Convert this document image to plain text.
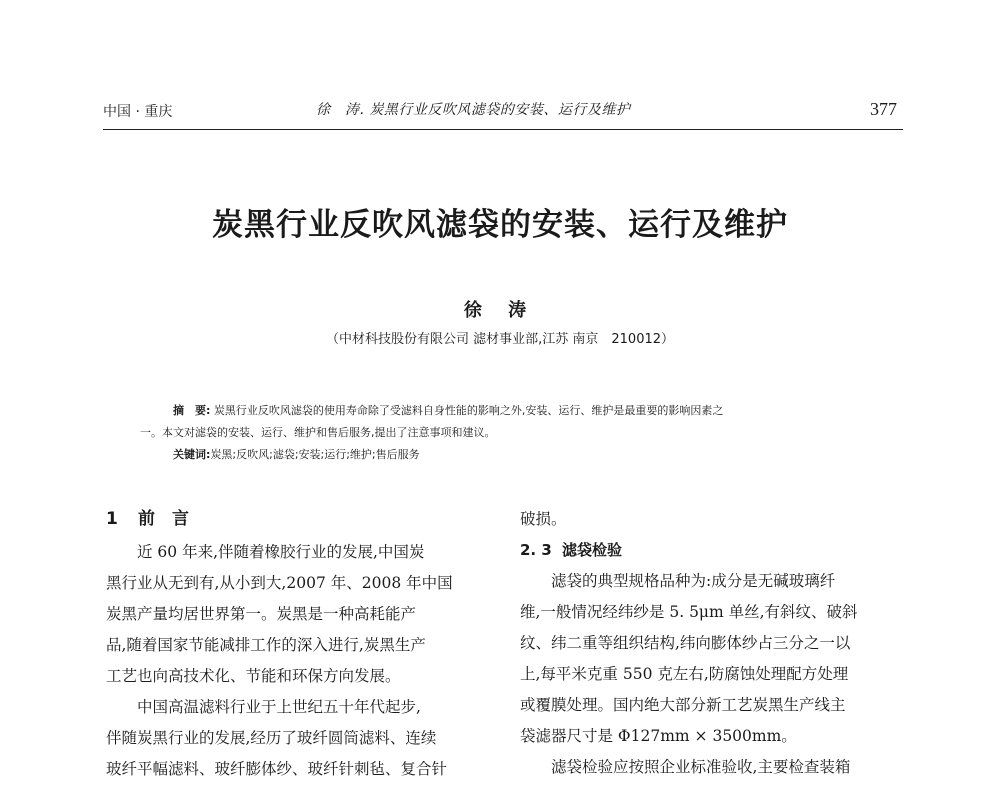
中国 · 重庆	徐　涛. 炭黑行业反吹风滤袋的安装、运行及维护	377
炭黑行业反吹风滤袋的安装、运行及维护
徐 涛
（中材科技股份有限公司 滤材事业部,江苏 南京　210012）
摘　要: 炭黑行业反吹风滤袋的使用寿命除了受滤料自身性能的影响之外,安装、运行、维护是最重要的影响因素之
一。本文对滤袋的安装、运行、维护和售后服务,提出了注意事项和建议。
关键词:炭黑;反吹风;滤袋;安装;运行;维护;售后服务
1 前　言
近 60 年来,伴随着橡胶行业的发展,中国炭
黑行业从无到有,从小到大,2007 年、2008 年中国
炭黑产量均居世界第一。炭黑是一种高耗能产
品,随着国家节能减排工作的深入进行,炭黑生产
工艺也向高技术化、节能和环保方向发展。
中国高温滤料行业于上世纪五十年代起步,
伴随炭黑行业的发展,经历了玻纤圆筒滤料、连续
玻纤平幅滤料、玻纤膨体纱、玻纤针刺毡、复合针
破损。
2. 3 滤袋检验
滤袋的典型规格品种为:成分是无碱玻璃纤
维,一般情况经纬纱是 5. 5μm 单丝,有斜纹、破斜
纹、纬二重等组织结构,纬向膨体纱占三分之一以
上,每平米克重 550 克左右,防腐蚀处理配方处理
或覆膜处理。国内绝大部分新工艺炭黑生产线主
袋滤器尺寸是 Φ127mm × 3500mm。
滤袋检验应按照企业标准验收,主要检查装箱
